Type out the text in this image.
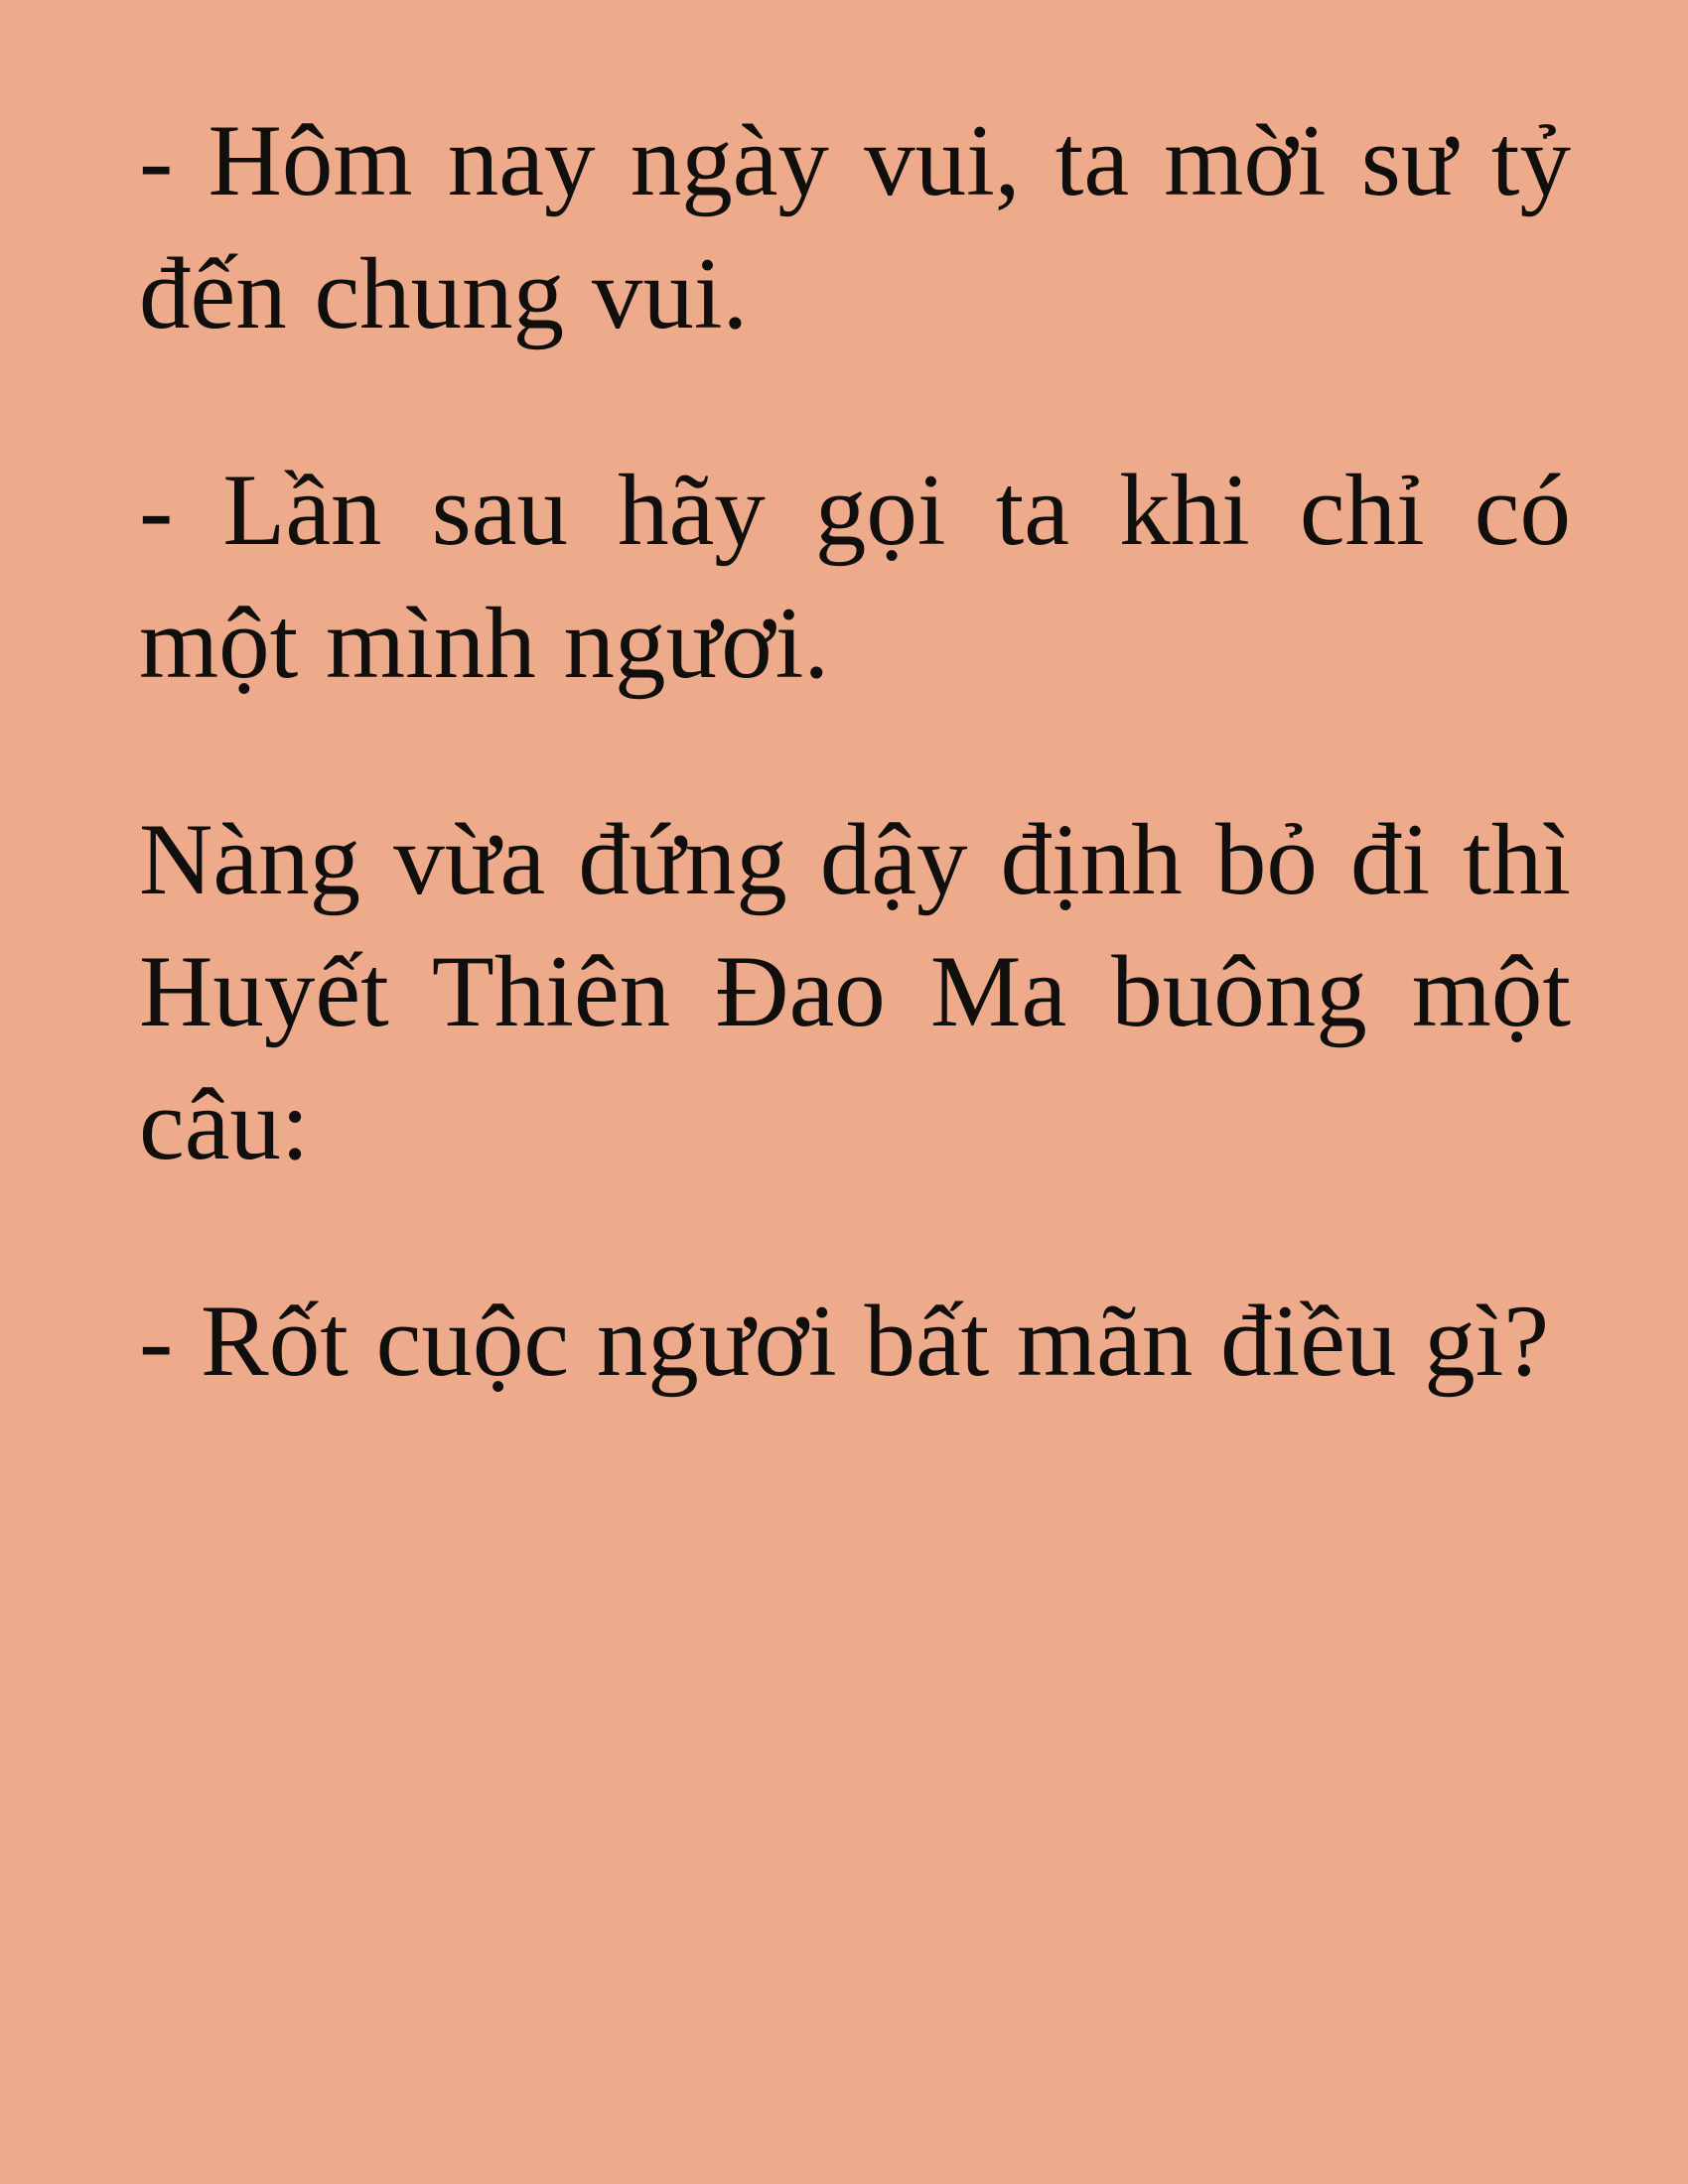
- Hôm nay ngày vui, ta mời sư tỷ đến chung vui.

- Lần sau hãy gọi ta khi chỉ có một mình ngươi.

Nàng vừa đứng dậy định bỏ đi thì Huyết Thiên Đao Ma buông một câu:

- Rốt cuộc ngươi bất mãn điều gì?
